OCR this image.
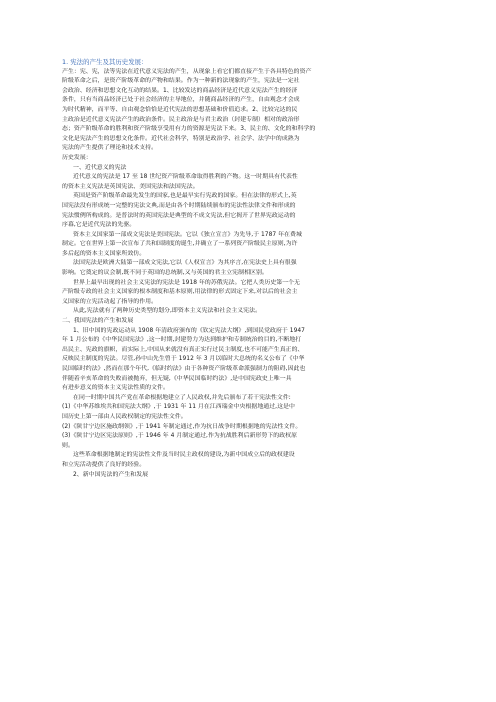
1. 宪法的产生及其历史发展：
产生：宪、宪，法等宪法在近代意义宪法的产生，从现象上看它们都直接产生于各具特色的资产
阶级革命之后，是资产阶级革命的产物和结果。作为一种新的法现象的产生，宪法是一定社
会政治、经济和思想文化互动的结果。1、比较发达的商品经济是近代意义宪法产生的经济
条件，只有当商品经济已处于社会经济的主导地位，并随商品经济的产生，自由观念才会成
为时代精神，而平等、自由观念恰恰是近代宪法的思想基础和价值追求。2、比较完达的民
主政治是近代意义宪法产生的政治条件。民主政治是与君主政治（封建专制）相对的政治形
态；资产阶级革命的胜利和资产阶级享受用有力的资源是宪法下来。3、民主的、文化的和科学的
文化是宪法产生的思想文化条件。近代社会科学，特别是政治学、社会学、法学中的成熟为
宪法的产生提供了理论和技术支持。
历史发展：
一、近代意义的宪法
近代意义的宪法是 17 至 18 世纪资产阶级革命取得胜利的产物。这一时期具有代表性
的资本主义宪法是英国宪法、美国宪法和法国宪法。
英国是资产阶级革命最先发生的国家,也是最早实行宪政的国家。但在法律的形式上,英
国宪法没有形成统一完整的宪法文典,而是由各个时期陆续颁布的宪法性法律文件和形成的
宪法惯例所构成的。是普法时的英国宪法是典型的不成文宪法,但它揭开了世界宪政运动的
序幕,它是近代宪法的先驱。
资本主义国家第一部成文宪法是美国宪法。它以《独立宣言》为先导,于 1787 年在费城
制定。它在世界上第一次宣布了共和国制度的诞生,并确立了一系列资产阶级民主原则,为许
多后起的资本主义国家所效仿。
法国宪法是欧洲大陆第一部成文宪法,它以《人权宣言》为其序言,在宪法史上具有很强
影响。它奠定的议会制,既不同于英国的总统制,又与英国的君主立宪制相区别。
世界上最早出现的社会主义宪法的宪法是 1918 年的苏俄宪法。它把人类历史第一个无
产阶级专政的社会主义国家的根本制度和基本原则,用法律的形式固定下来,对以后的社会主
义国家的立宪活动起了指导的作用。
从此,宪法就有了两种历史类型的划分,即资本主义宪法和社会主义宪法。
二、我国宪法的产生和发展
1、旧中国的宪政运动从 1908 年清政府颁布的《钦定宪法大纲》,到国民党政府于 1947
年 1 月公布的《中华民国宪法》,这一时期,封建势力为达到维护和专制统治的目的,不断地打
出民主、宪政的旗帜，而实际上,中国从来就没有真正实行过民主制度,也不可能产生真正的、
反映民主制度的宪法。尽管,孙中山先生曾于 1912 年 3 月以临时大总统的名义公布了《中华
民国临时约法》,然而在那个年代,《临时约法》由于各种资产阶级革命派强制力的阻碍,因此也
伴随着辛亥革命的失败而被抛弃，但无疑,《中华民国临时约法》,是中国宪政史上唯一具
有进步意义的资本主义宪法性质的文件。
在同一时期中国共产党在革命根据地建立了人民政权,并先后颁布了若干宪法性文件:
(1)《中华苏维埃共和国宪法大纲》,于 1931 年 11 月在江西瑞金中央根据地通过,这是中
国历史上第一部由人民政权制定的宪法性文件。
(2)《陕甘宁边区施政纲领》,于 1941 年制定通过,作为抗日战争时期根据地的宪法性文件。
(3)《陕甘宁边区宪法原则》,于 1946 年 4 月制定通过,作为抗战胜利后新形势下的政权原
则。
这些革命根据地制定的宪法性文件及当时民主政权的建设,为新中国成立后的政权建设
和立宪活动提供了良好的经验。
2、新中国宪法的产生和发展
